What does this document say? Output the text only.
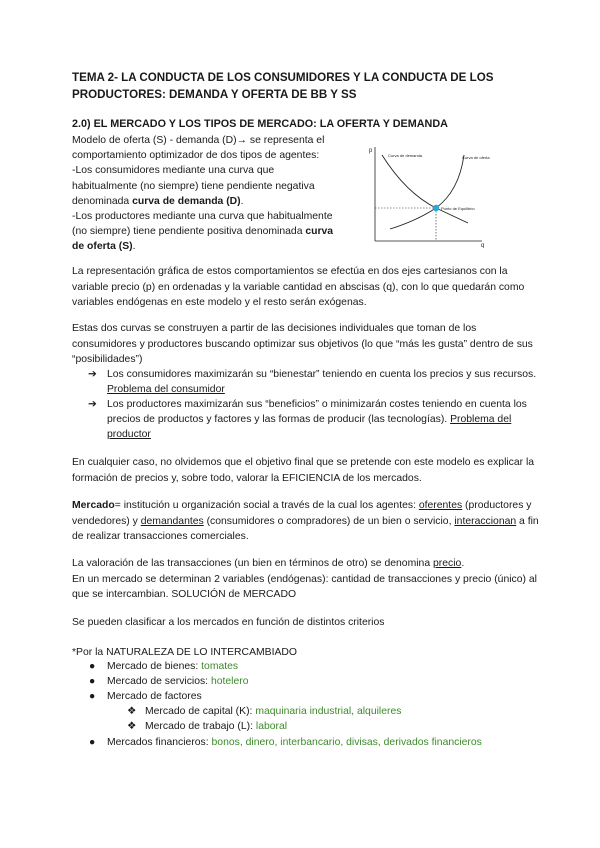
TEMA 2- LA CONDUCTA DE LOS CONSUMIDORES Y LA CONDUCTA DE LOS PRODUCTORES: DEMANDA Y OFERTA DE BB Y SS
2.0) EL MERCADO Y LOS TIPOS DE MERCADO: LA OFERTA Y DEMANDA
Modelo de oferta (S) - demanda (D)→ se representa el
comportamiento optimizador de dos tipos de agentes:
-Los consumidores mediante una curva que
habitualmente (no siempre) tiene pendiente negativa
denominada curva de demanda (D).
-Los productores mediante una curva que habitualmente
(no siempre) tiene pendiente positiva denominada curva
de oferta (S).
p
q
Curva de demanda	Curva de oferta
Punto de Equilibrio
La representación gráfica de estos comportamientos se efectúa en dos ejes cartesianos con la variable precio (p) en ordenadas y la variable cantidad en abscisas (q), con lo que quedarán como variables endógenas en este modelo y el resto serán exógenas.
Estas dos curvas se construyen a partir de las decisiones individuales que toman de los consumidores y productores buscando optimizar sus objetivos (lo que “más les gusta” dentro de sus “posibilidades”)
➔ Los consumidores maximizarán su “bienestar” teniendo en cuenta los precios y sus recursos. Problema del consumidor
➔ Los productores maximizarán sus “beneficios” o minimizarán costes teniendo en cuenta los precios de productos y factores y las formas de producir (las tecnologías). Problema del productor
En cualquier caso, no olvidemos que el objetivo final que se pretende con este modelo es explicar la formación de precios y, sobre todo, valorar la EFICIENCIA de los mercados.
Mercado= institución u organización social a través de la cual los agentes: oferentes (productores y vendedores) y demandantes (consumidores o compradores) de un bien o servicio, interaccionan a fin de realizar transacciones comerciales.
La valoración de las transacciones (un bien en términos de otro) se denomina precio.
En un mercado se determinan 2 variables (endógenas): cantidad de transacciones y precio (único) al que se intercambian. SOLUCIÓN de MERCADO
Se pueden clasificar a los mercados en función de distintos criterios
*Por la NATURALEZA DE LO INTERCAMBIADO
● Mercado de bienes: tomates
● Mercado de servicios: hotelero
● Mercado de factores
❖ Mercado de capital (K): maquinaria industrial, alquileres
❖ Mercado de trabajo (L): laboral
● Mercados financieros: bonos, dinero, interbancario, divisas, derivados financieros
